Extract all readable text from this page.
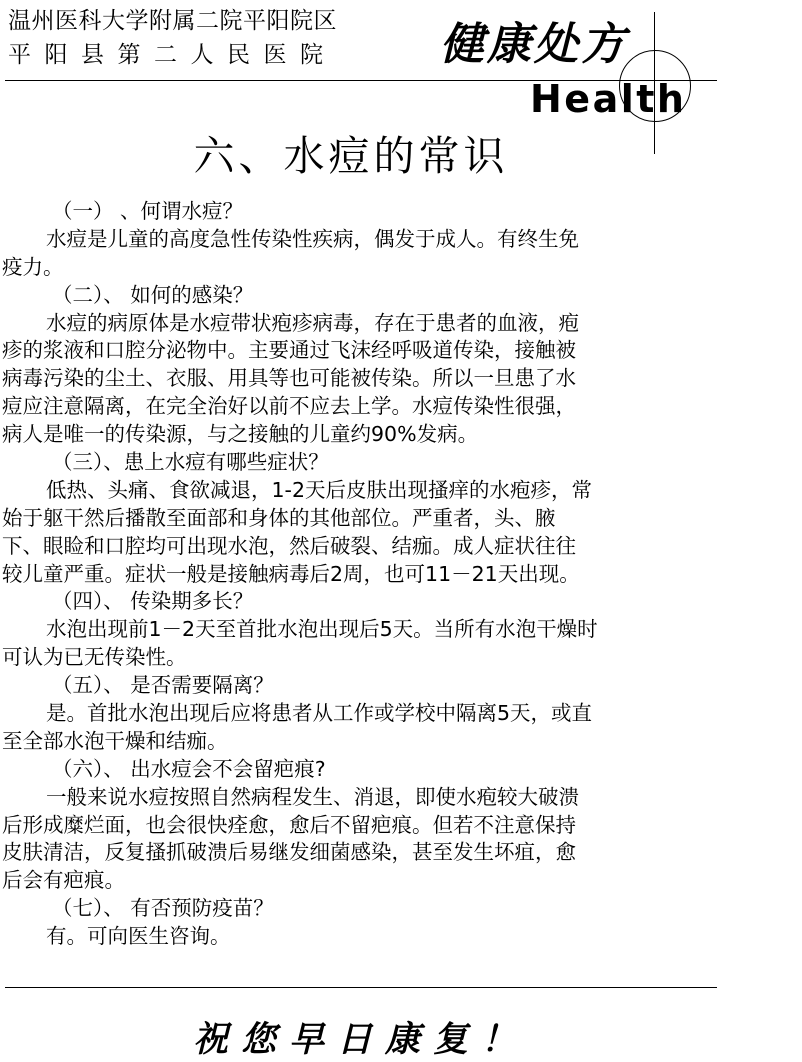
温州医科大学附属二院平阳院区
平阳县第二人民医院 健康处方
Health
六、水痘的常识
（一） 、何谓水痘？
水痘是儿童的高度急性传染性疾病，偶发于成人。有终生免
疫力。
（二）、 如何的感染？
水痘的病原体是水痘带状疱疹病毒，存在于患者的血液，疱
疹的浆液和口腔分泌物中。主要通过飞沫经呼吸道传染，接触被
病毒污染的尘土、衣服、用具等也可能被传染。所以一旦患了水
痘应注意隔离，在完全治好以前不应去上学。水痘传染性很强，
病人是唯一的传染源，与之接触的儿童约90%发病。
（三）、患上水痘有哪些症状？
低热、头痛、食欲减退，1-2天后皮肤出现搔痒的水疱疹，常
始于躯干然后播散至面部和身体的其他部位。严重者，头、腋
下、眼睑和口腔均可出现水泡，然后破裂、结痂。成人症状往往
较儿童严重。症状一般是接触病毒后2周，也可11－21天出现。
（四）、 传染期多长？
水泡出现前1－2天至首批水泡出现后5天。当所有水泡干燥时
可认为已无传染性。
（五）、 是否需要隔离？
是。首批水泡出现后应将患者从工作或学校中隔离5天，或直
至全部水泡干燥和结痂。
（六）、 出水痘会不会留疤痕?
一般来说水痘按照自然病程发生、消退，即使水疱较大破溃
后形成糜烂面，也会很快痊愈，愈后不留疤痕。但若不注意保持
皮肤清洁，反复搔抓破溃后易继发细菌感染，甚至发生坏疽，愈
后会有疤痕。
（七）、 有否预防疫苗？
有。可向医生咨询。
祝您早日康复！
